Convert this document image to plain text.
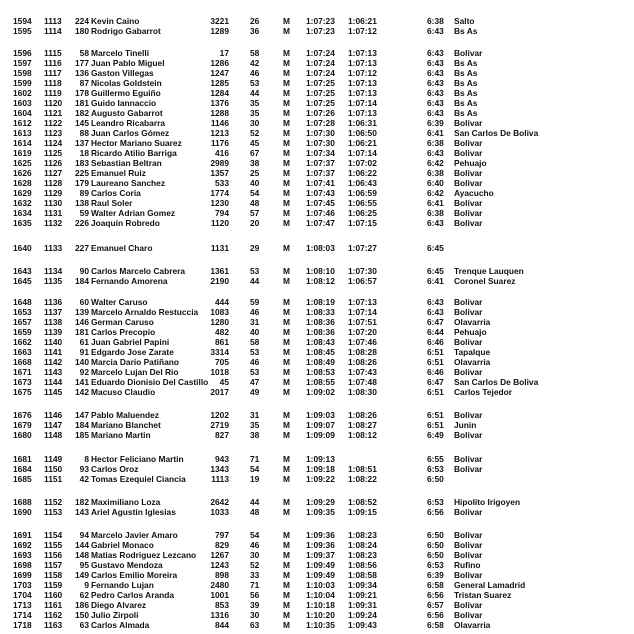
1594 1113	224 Kevin Caino	3221	26	M 1:07:23 1:06:21	6:38 Salto
1595 1114	180 Rodrigo Gabarrot	1289	36	M 1:07:23 1:07:12	6:43 Bs As
1596 1115	58 Marcelo Tinelli	17	58	M 1:07:24 1:07:13	6:43 Bolivar
1597 1116	177 Juan Pablo Miguel	1286	42	M 1:07:24 1:07:13	6:43 Bs As
1598 1117	136 Gaston Villegas	1247	46	M 1:07:24 1:07:12	6:43 Bs As
1599 1118	87 Nicolas Goldstein	1285	53	M 1:07:25 1:07:13	6:43 Bs As
1602 1119	178 Guillermo Eguiño	1284	44	M 1:07:25 1:07:13	6:43 Bs As
1603 1120	181 Guido Iannaccio	1376	35	M 1:07:25 1:07:14	6:43 Bs As
1604 1121	182 Augusto Gabarrot	1288	35	M 1:07:26 1:07:13	6:43 Bs As
1612 1122	145 Leandro Ricabarra	1146	30	M 1:07:28 1:06:31	6:39 Bolivar
1613 1123	88 Juan Carlos Gómez	1213	52	M 1:07:30 1:06:50	6:41 San Carlos De Boliva
1614 1124	137 Hector Mariano Suarez	1176	45	M 1:07:30 1:06:21	6:38 Bolivar
1619 1125	18 Ricardo Atilio Barriga	416	67	M 1:07:34 1:07:14	6:43 Bolivar
1625 1126	183 Sebastian Beltran	2989	38	M 1:07:37 1:07:02	6:42 Pehuajo
1626 1127	225 Emanuel Ruiz	1357	25	M 1:07:37 1:06:22	6:38 Bolivar
1628 1128	179 Laureano Sanchez	533	40	M 1:07:41 1:06:43	6:40 Bolivar
1629 1129	89 Carlos Coria	1774	54	M 1:07:43 1:06:59	6:42 Ayacucho
1632 1130	138 Raul Soler	1230	48	M 1:07:45 1:06:55	6:41 Bolivar
1634 1131	59 Walter Adrian Gomez	794	57	M 1:07:46 1:06:25	6:38 Bolivar
1635 1132	226 Joaquín Robredo	1120	20	M 1:07:47 1:07:15	6:43 Bolivar
1640 1133	227 Emanuel Charo	1131	29	M 1:08:03 1:07:27	6:45
1643 1134	90 Carlos Marcelo Cabrera	1361	53	M 1:08:10 1:07:30	6:45 Trenque Lauquen
1645 1135	184 Fernando Amorena	2190	44	M 1:08:12 1:06:57	6:41 Coronel Suarez
1648 1136	60 Walter Caruso	444	59	M 1:08:19 1:07:13	6:43 Bolivar
1653 1137	139 Marcelo Arnaldo Restuccia	1083	46	M 1:08:33 1:07:14	6:43 Bolivar
1657 1138	146 German Caruso	1280	31	M 1:08:36 1:07:51	6:47 Olavarria
1659 1139	181 Carlos Precopio	482	40	M 1:08:36 1:07:20	6:44 Pehuajo
1662 1140	61 Juan Gabriel Papini	861	58	M 1:08:43 1:07:46	6:46 Bolivar
1663 1141	91 Edgardo Jose Zarate	3314	53	M 1:08:45 1:08:28	6:51 Tapalque
1668 1142	140 Marcia Dario Patiñano	705	46	M 1:08:49 1:08:26	6:51 Olavarria
1671 1143	92 Marcelo Lujan Del Rio	1018	53	M 1:08:53 1:07:43	6:46 Bolivar
1673 1144	141 Eduardo Dionisio Del Castillo	45	47	M 1:08:55 1:07:48	6:47 San Carlos De Boliva
1675 1145	142 Macuso Claudio	2017	49	M 1:09:02 1:08:30	6:51 Carlos Tejedor
1676 1146	147 Pablo Maluendez	1202	31	M 1:09:03 1:08:26	6:51 Bolivar
1679 1147	184 Mariano Blanchet	2719	35	M 1:09:07 1:08:27	6:51 Junin
1680 1148	185 Mariano Martin	827	38	M 1:09:09 1:08:12	6:49 Bolivar
1681 1149	8 Hector Feliciano Martin	943	71	M 1:09:13	6:55 Bolivar
1684 1150	93 Carlos Oroz	1343	54	M 1:09:18 1:08:51	6:53 Bolivar
1685 1151	42 Tomas Ezequiel Ciancia	1113	19	M 1:09:22 1:08:22	6:50
1688 1152	182 Maximiliano Loza	2642	44	M 1:09:29 1:08:52	6:53 Hipolito Irigoyen
1690 1153	143 Ariel Agustin Iglesias	1033	48	M 1:09:35 1:09:15	6:56 Bolivar
1691 1154	94 Marcelo Javier Amaro	797	54	M 1:09:36 1:08:23	6:50 Bolivar
1692 1155	144 Gabriel Monaco	829	46	M 1:09:36 1:08:24	6:50 Bolivar
1693 1156	148 Matias Rodriguez Lezcano	1267	30	M 1:09:37 1:08:23	6:50 Bolivar
1698 1157	95 Gustavo Mendoza	1243	52	M 1:09:49 1:08:56	6:53 Rufino
1699 1158	149 Carlos Emilio Moreira	898	33	M 1:09:49 1:08:58	6:39 Bolivar
1703 1159	9 Fernando Lujan	2480	71	M 1:10:03 1:09:34	6:58 General Lamadrid
1704 1160	62 Pedro Carlos Aranda	1001	56	M 1:10:04 1:09:21	6:56 Tristan Suarez
1713 1161	186 Diego Alvarez	853	39	M 1:10:18 1:09:31	6:57 Bolivar
1714 1162	150 Julio Zirpoli	1316	30	M 1:10:20 1:09:24	6:56 Bolivar
1718 1163	63 Carlos Almada	844	63	M 1:10:35 1:09:43	6:58 Olavarria
